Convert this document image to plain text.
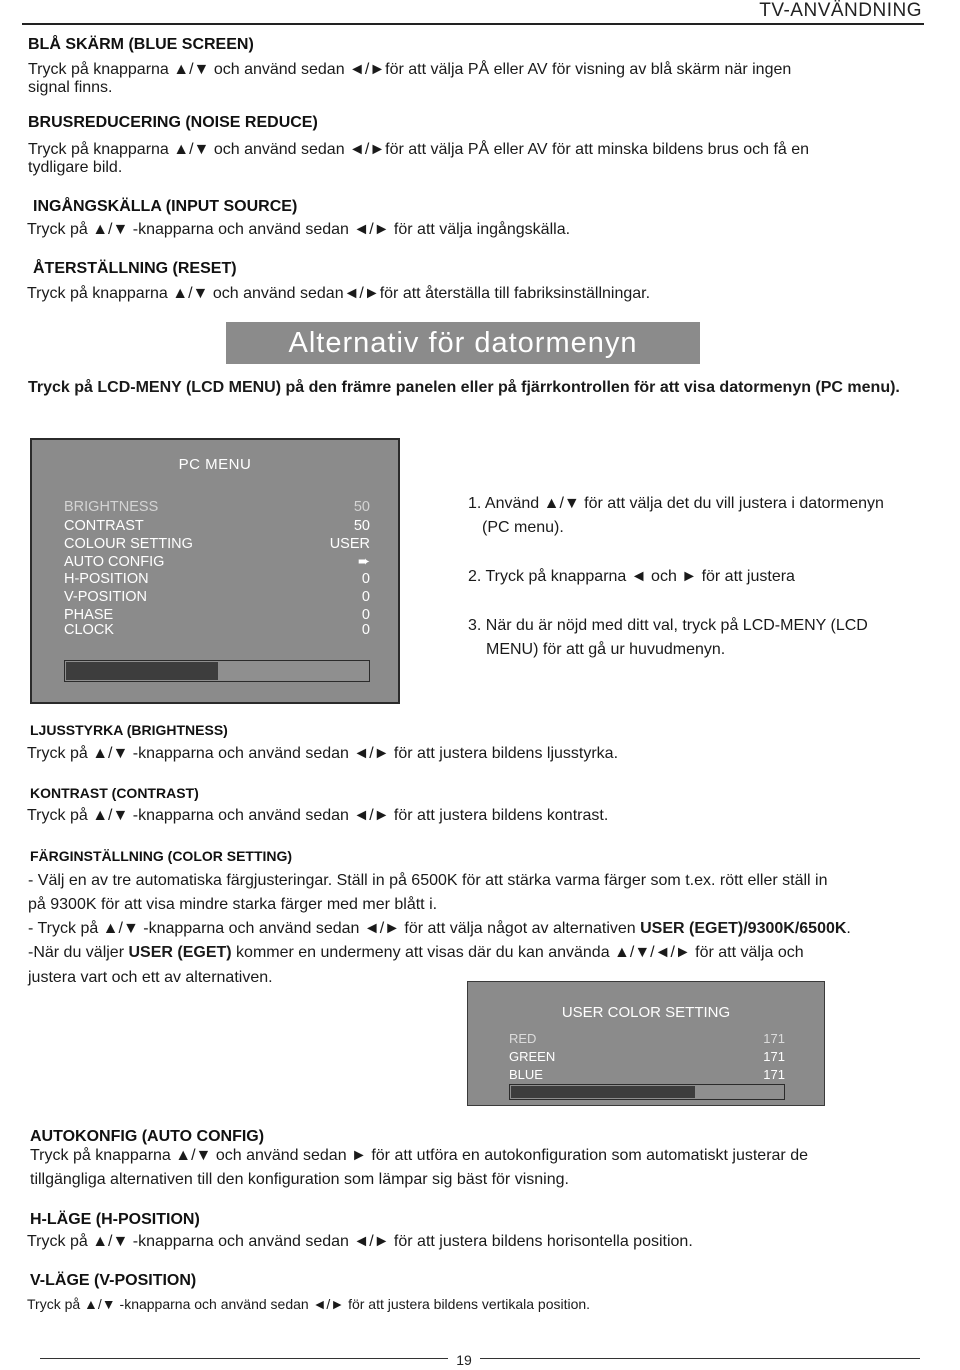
TV-ANVÄNDNING
BLÅ SKÄRM (BLUE SCREEN)
Tryck på knapparna ▲/▼ och använd sedan ◄/►för att välja PÅ eller AV för visning av blå skärm när ingen
signal finns.
BRUSREDUCERING (NOISE REDUCE)
Tryck på knapparna ▲/▼ och använd sedan ◄/►för att välja PÅ eller AV för att minska bildens brus och få en
tydligare bild.
INGÅNGSKÄLLA (INPUT SOURCE)
Tryck på ▲/▼ -knapparna och använd sedan ◄/► för att välja ingångskälla.
ÅTERSTÄLLNING (RESET)
Tryck på knapparna ▲/▼ och använd sedan◄/►för att återställa till fabriksinställningar.
Alternativ för datormenyn
Tryck på LCD-MENY (LCD MENU) på den främre panelen eller på fjärrkontrollen för att visa datormenyn (PC menu).
PC MENU
BRIGHTNESS	50
CONTRAST	50
COLOUR SETTING	USER
AUTO CONFIG	➨
H-POSITION	0
V-POSITION	0
PHASE	0
CLOCK	0
1. Använd ▲/▼ för att välja det du vill justera i datormenyn
(PC menu).
2. Tryck på knapparna ◄ och ► för att justera
3. När du är nöjd med ditt val, tryck på LCD-MENY (LCD
MENU) för att gå ur huvudmenyn.
LJUSSTYRKA (BRIGHTNESS)
Tryck på ▲/▼ -knapparna och använd sedan ◄/► för att justera bildens ljusstyrka.
KONTRAST (CONTRAST)
Tryck på ▲/▼ -knapparna och använd sedan ◄/► för att justera bildens kontrast.
FÄRGINSTÄLLNING (COLOR SETTING)
- Välj en av tre automatiska färgjusteringar. Ställ in på 6500K för att stärka varma färger som t.ex. rött eller ställ in
på 9300K för att visa mindre starka färger med mer blått i.
- Tryck på ▲/▼ -knapparna och använd sedan ◄/► för att välja något av alternativen USER (EGET)/9300K/6500K.
-När du väljer USER (EGET) kommer en undermeny att visas där du kan använda ▲/▼/◄/► för att välja och
justera vart och ett av alternativen.
USER COLOR SETTING
RED	171
GREEN	171
BLUE	171
AUTOKONFIG (AUTO CONFIG)
Tryck på knapparna ▲/▼ och använd sedan ► för att utföra en autokonfiguration som automatiskt justerar de
tillgängliga alternativen till den konfiguration som lämpar sig bäst för visning.
H-LÄGE (H-POSITION)
Tryck på ▲/▼ -knapparna och använd sedan ◄/► för att justera bildens horisontella position.
V-LÄGE (V-POSITION)
Tryck på ▲/▼ -knapparna och använd sedan ◄/► för att justera bildens vertikala position.
19
